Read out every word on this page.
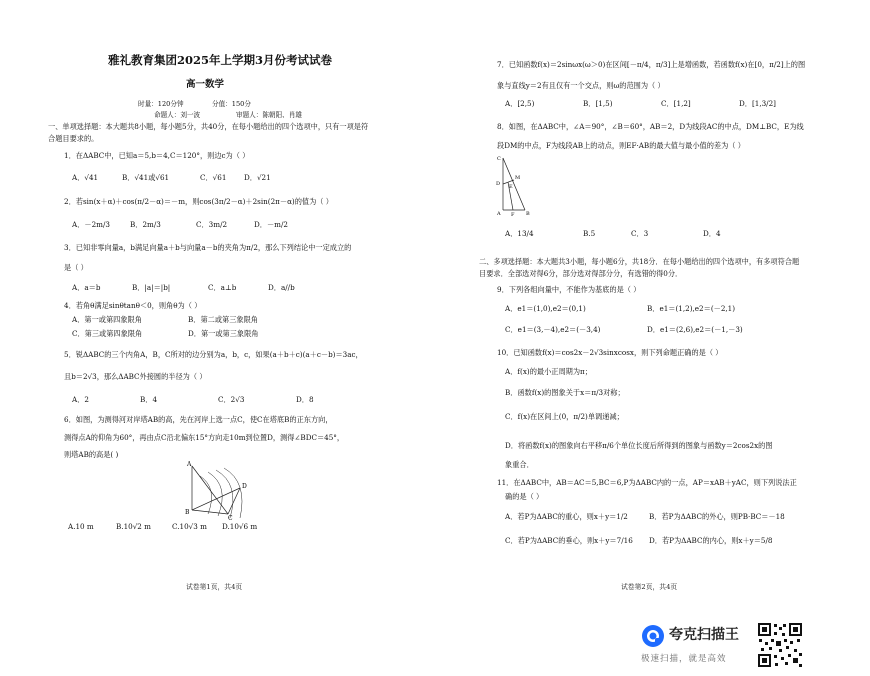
雅礼教育集团2025年上学期3月份考试试卷
高一数学
时量：120分钟	分值：150分
命题人：刘一波	审题人：陈朝阳、肖雄
一、单项选择题：本大题共8小题，每小题5分，共40分，在每小题给出的四个选项中，只有一项是符
合题目要求的。
1．在ΔABC中，已知a＝5,b＝4,C＝120°，则边c为（ ）
A．√41	B．√41或√61	C．√61 D．√21
2．若sin(x＋α)＋cos(π/2－α)＝－m，则cos(3π/2－α)＋2sin(2π－α)的值为（ ）
A．－2m/3	B．2m/3	C．3m/2	D．－m/2
3．已知非零向量a，b满足向量a＋b与向量a－b的夹角为π/2，那么下列结论中一定成立的
是（ ）
A．a＝b	B．|a|＝|b|	C．a⊥b	D．a//b
4．若角θ满足sinθtanθ＜0，则角θ为（ ）
A．第一或第四象限角	B．第二或第三象限角
C．第三或第四象限角	D．第一或第三象限角
5．锐ΔABC的三个内角A，B，C所对的边分别为a，b，c，如果(a＋b＋c)(a＋c－b)＝3ac，
且b＝2√3，那么ΔABC外接圆的半径为（ ）
A．2	B．4	C．2√3	D．8
6．如图，为测得河对岸塔AB的高，先在河岸上选一点C，使C在塔底B的正东方向，
测得点A的仰角为60°，再由点C沿北偏东15°方向走10m到位置D，测得∠BDC＝45°，
则塔AB的高是( )
A
B
C
D
A.10 m	B.10√2 m	C.10√3 m D.10√6 m
试卷第1页，共4页
7．已知函数f(x)＝2sinωx(ω＞0)在区间[－π/4，π/3]上是增函数，若函数f(x)在[0，π/2]上的图
象与直线y＝2有且仅有一个交点，则ω的范围为（ ）
A．[2,5)	B．[1,5)	C．[1,2]	D．[1,3/2]
8．如图，在ΔABC中，∠A＝90°，∠B＝60°，AB＝2，D为线段AC的中点，DM⊥BC，E为线
段DM的中点，F为线段AB上的动点，则EF·AB的最大值与最小值的差为（ ）
C
D
M
E
A F B
A．13/4	B.5	C．3	D．4
二、多项选择题：本大题共3小题，每小题6分，共18分．在每小题给出的四个选项中，有多项符合题
目要求．全部选对得6分，部分选对得部分分，有选错的得0分．
9．下列各组向量中，不能作为基底的是（ ）
A．e1＝(1,0),e2＝(0,1)	B．e1＝(1,2),e2＝(－2,1)
C．e1＝(3,－4),e2＝(－3,4)	D．e1＝(2,6),e2＝(－1,－3)
10．已知函数f(x)＝cos2x－2√3sinxcosx，则下列命题正确的是（ ）
A．f(x)的最小正周期为π；
B．函数f(x)的图象关于x＝π/3对称；
C．f(x)在区间上(0，π/2)单调递减；
D．将函数f(x)的图象向右平移π/6个单位长度后所得到的图象与函数y＝2cos2x的图
象重合．
11．在ΔABC中，AB＝AC＝5,BC＝6,P为ΔABC内的一点，AP＝xAB＋yAC，则下列说法正
确的是（ ）
A．若P为ΔABC的重心，则x＋y＝1/2	B．若P为ΔABC的外心，则PB·BC＝－18
C．若P为ΔABC的垂心，则x＋y＝7/16 D．若P为ΔABC的内心，则x＋y＝5/8
试卷第2页，共4页
夸克扫描王
极速扫描，就是高效
